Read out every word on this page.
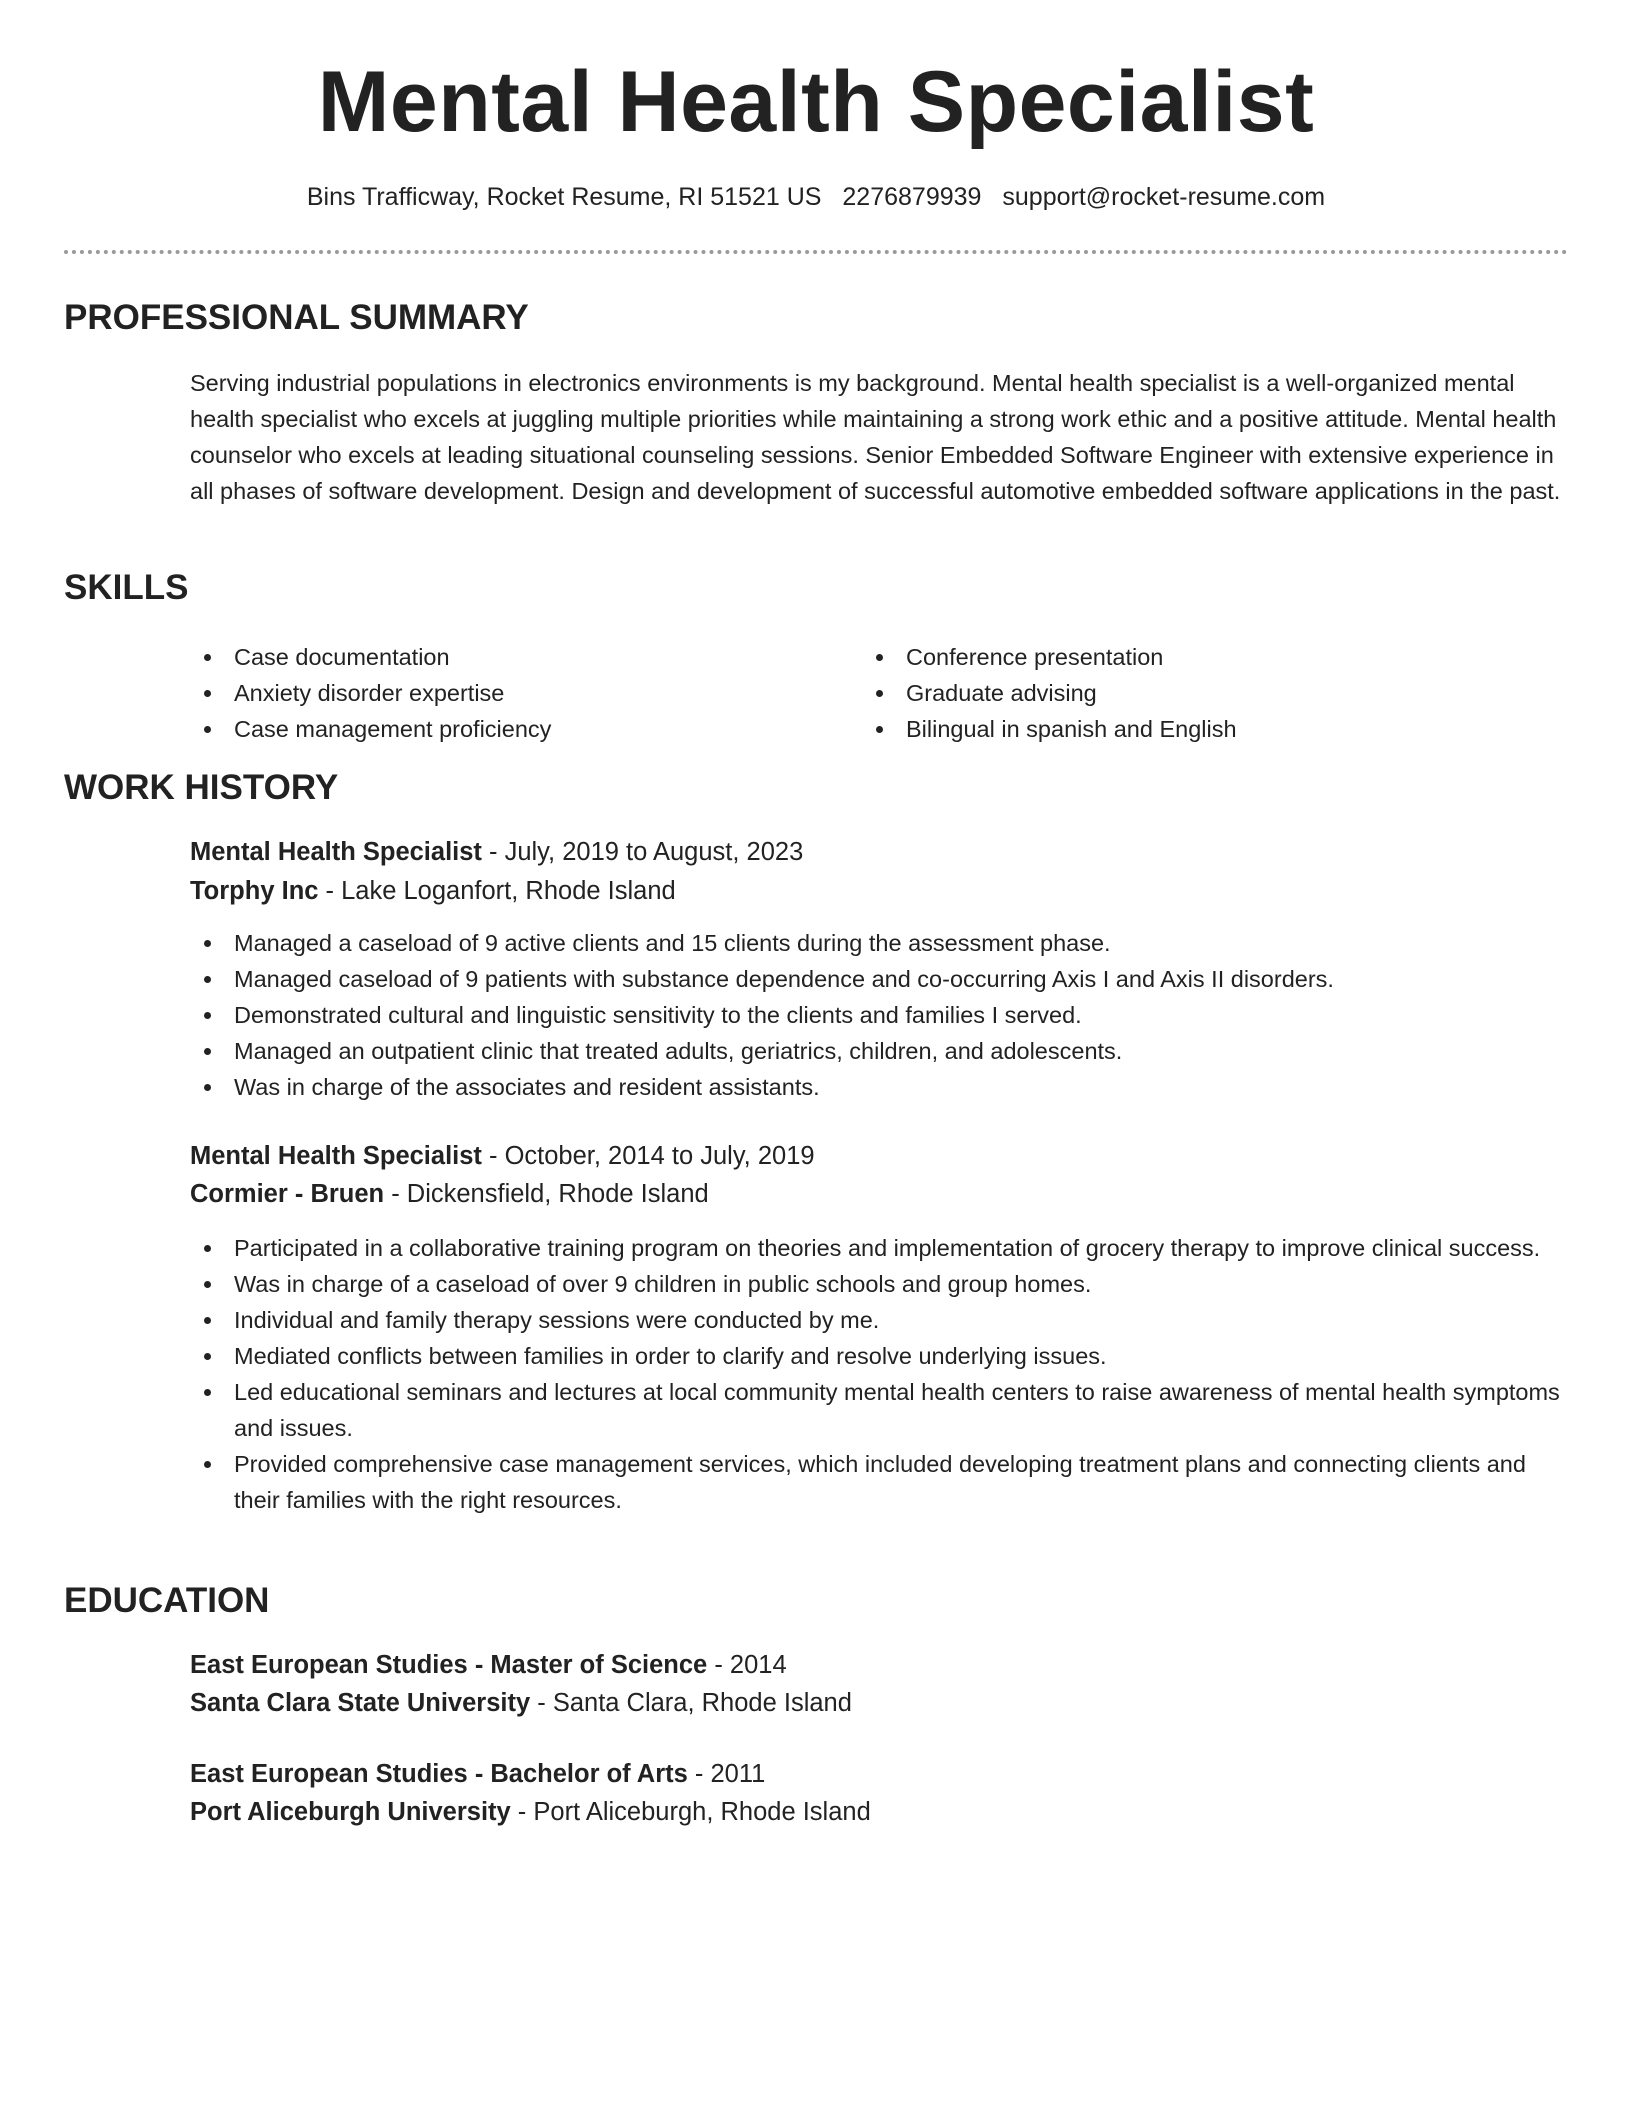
Mental Health Specialist
Bins Trafficway, Rocket Resume, RI 51521 US 2276879939 support@rocket-resume.com
PROFESSIONAL SUMMARY
Serving industrial populations in electronics environments is my background. Mental health specialist is a well-organized mental health specialist who excels at juggling multiple priorities while maintaining a strong work ethic and a positive attitude. Mental health counselor who excels at leading situational counseling sessions. Senior Embedded Software Engineer with extensive experience in all phases of software development. Design and development of successful automotive embedded software applications in the past.
SKILLS
Case documentation
Anxiety disorder expertise
Case management proficiency
Conference presentation
Graduate advising
Bilingual in spanish and English
WORK HISTORY
Mental Health Specialist - July, 2019 to August, 2023
Torphy Inc - Lake Loganfort, Rhode Island
Managed a caseload of 9 active clients and 15 clients during the assessment phase.
Managed caseload of 9 patients with substance dependence and co-occurring Axis I and Axis II disorders.
Demonstrated cultural and linguistic sensitivity to the clients and families I served.
Managed an outpatient clinic that treated adults, geriatrics, children, and adolescents.
Was in charge of the associates and resident assistants.
Mental Health Specialist - October, 2014 to July, 2019
Cormier - Bruen - Dickensfield, Rhode Island
Participated in a collaborative training program on theories and implementation of grocery therapy to improve clinical success.
Was in charge of a caseload of over 9 children in public schools and group homes.
Individual and family therapy sessions were conducted by me.
Mediated conflicts between families in order to clarify and resolve underlying issues.
Led educational seminars and lectures at local community mental health centers to raise awareness of mental health symptoms and issues.
Provided comprehensive case management services, which included developing treatment plans and connecting clients and their families with the right resources.
EDUCATION
East European Studies - Master of Science - 2014
Santa Clara State University - Santa Clara, Rhode Island
East European Studies - Bachelor of Arts - 2011
Port Aliceburgh University - Port Aliceburgh, Rhode Island
